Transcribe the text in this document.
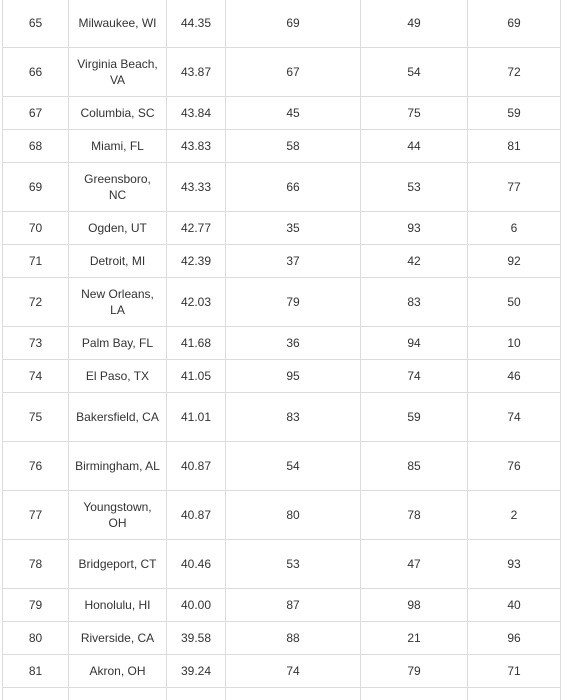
65	Milwaukee, WI	44.35	69	49	69
66	Virginia Beach, VA	43.87	67	54	72
67	Columbia, SC	43.84	45	75	59
68	Miami, FL	43.83	58	44	81
69	Greensboro, NC	43.33	66	53	77
70	Ogden, UT	42.77	35	93	6
71	Detroit, MI	42.39	37	42	92
72	New Orleans, LA	42.03	79	83	50
73	Palm Bay, FL	41.68	36	94	10
74	El Paso, TX	41.05	95	74	46
75	Bakersfield, CA	41.01	83	59	74
76	Birmingham, AL	40.87	54	85	76
77	Youngstown, OH	40.87	80	78	2
78	Bridgeport, CT	40.46	53	47	93
79	Honolulu, HI	40.00	87	98	40
80	Riverside, CA	39.58	88	21	96
81	Akron, OH	39.24	74	79	71
